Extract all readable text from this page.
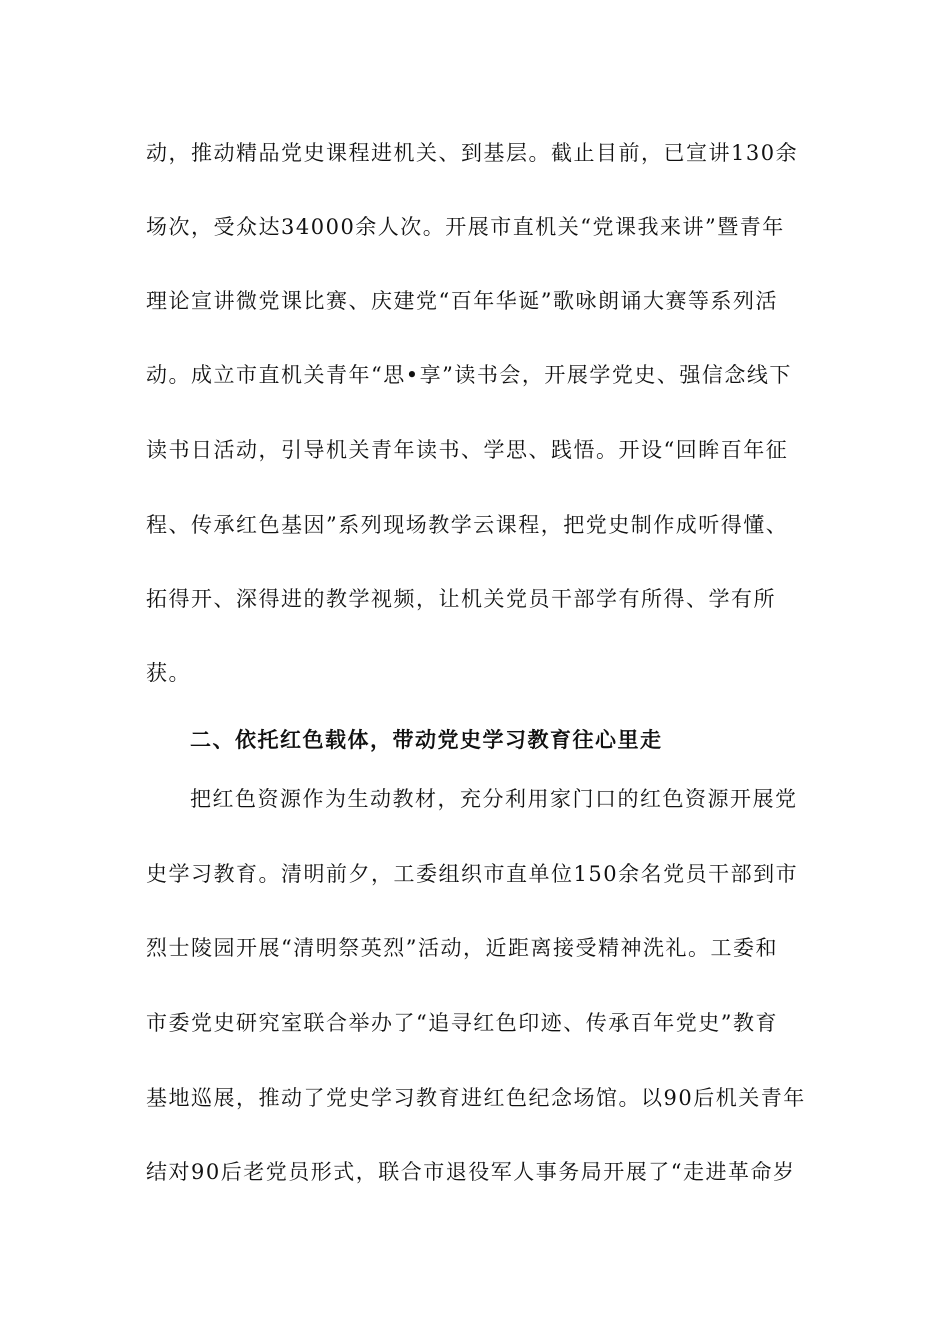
动，推动精品党史课程进机关、到基层。截止目前，已宣讲130余
场次，受众达34000余人次。开展市直机关“党课我来讲”暨青年
理论宣讲微党课比赛、庆建党“百年华诞”歌咏朗诵大赛等系列活
动。成立市直机关青年“思•享”读书会，开展学党史、强信念线下
读书日活动，引导机关青年读书、学思、践悟。开设“回眸百年征
程、传承红色基因”系列现场教学云课程，把党史制作成听得懂、
拓得开、深得进的教学视频，让机关党员干部学有所得、学有所
获。
二、依托红色载体，带动党史学习教育往心里走
把红色资源作为生动教材，充分利用家门口的红色资源开展党
史学习教育。清明前夕，工委组织市直单位150余名党员干部到市
烈士陵园开展“清明祭英烈”活动，近距离接受精神洗礼。工委和
市委党史研究室联合举办了“追寻红色印迹、传承百年党史”教育
基地巡展，推动了党史学习教育进红色纪念场馆。以90后机关青年
结对90后老党员形式，联合市退役军人事务局开展了“走进革命岁
